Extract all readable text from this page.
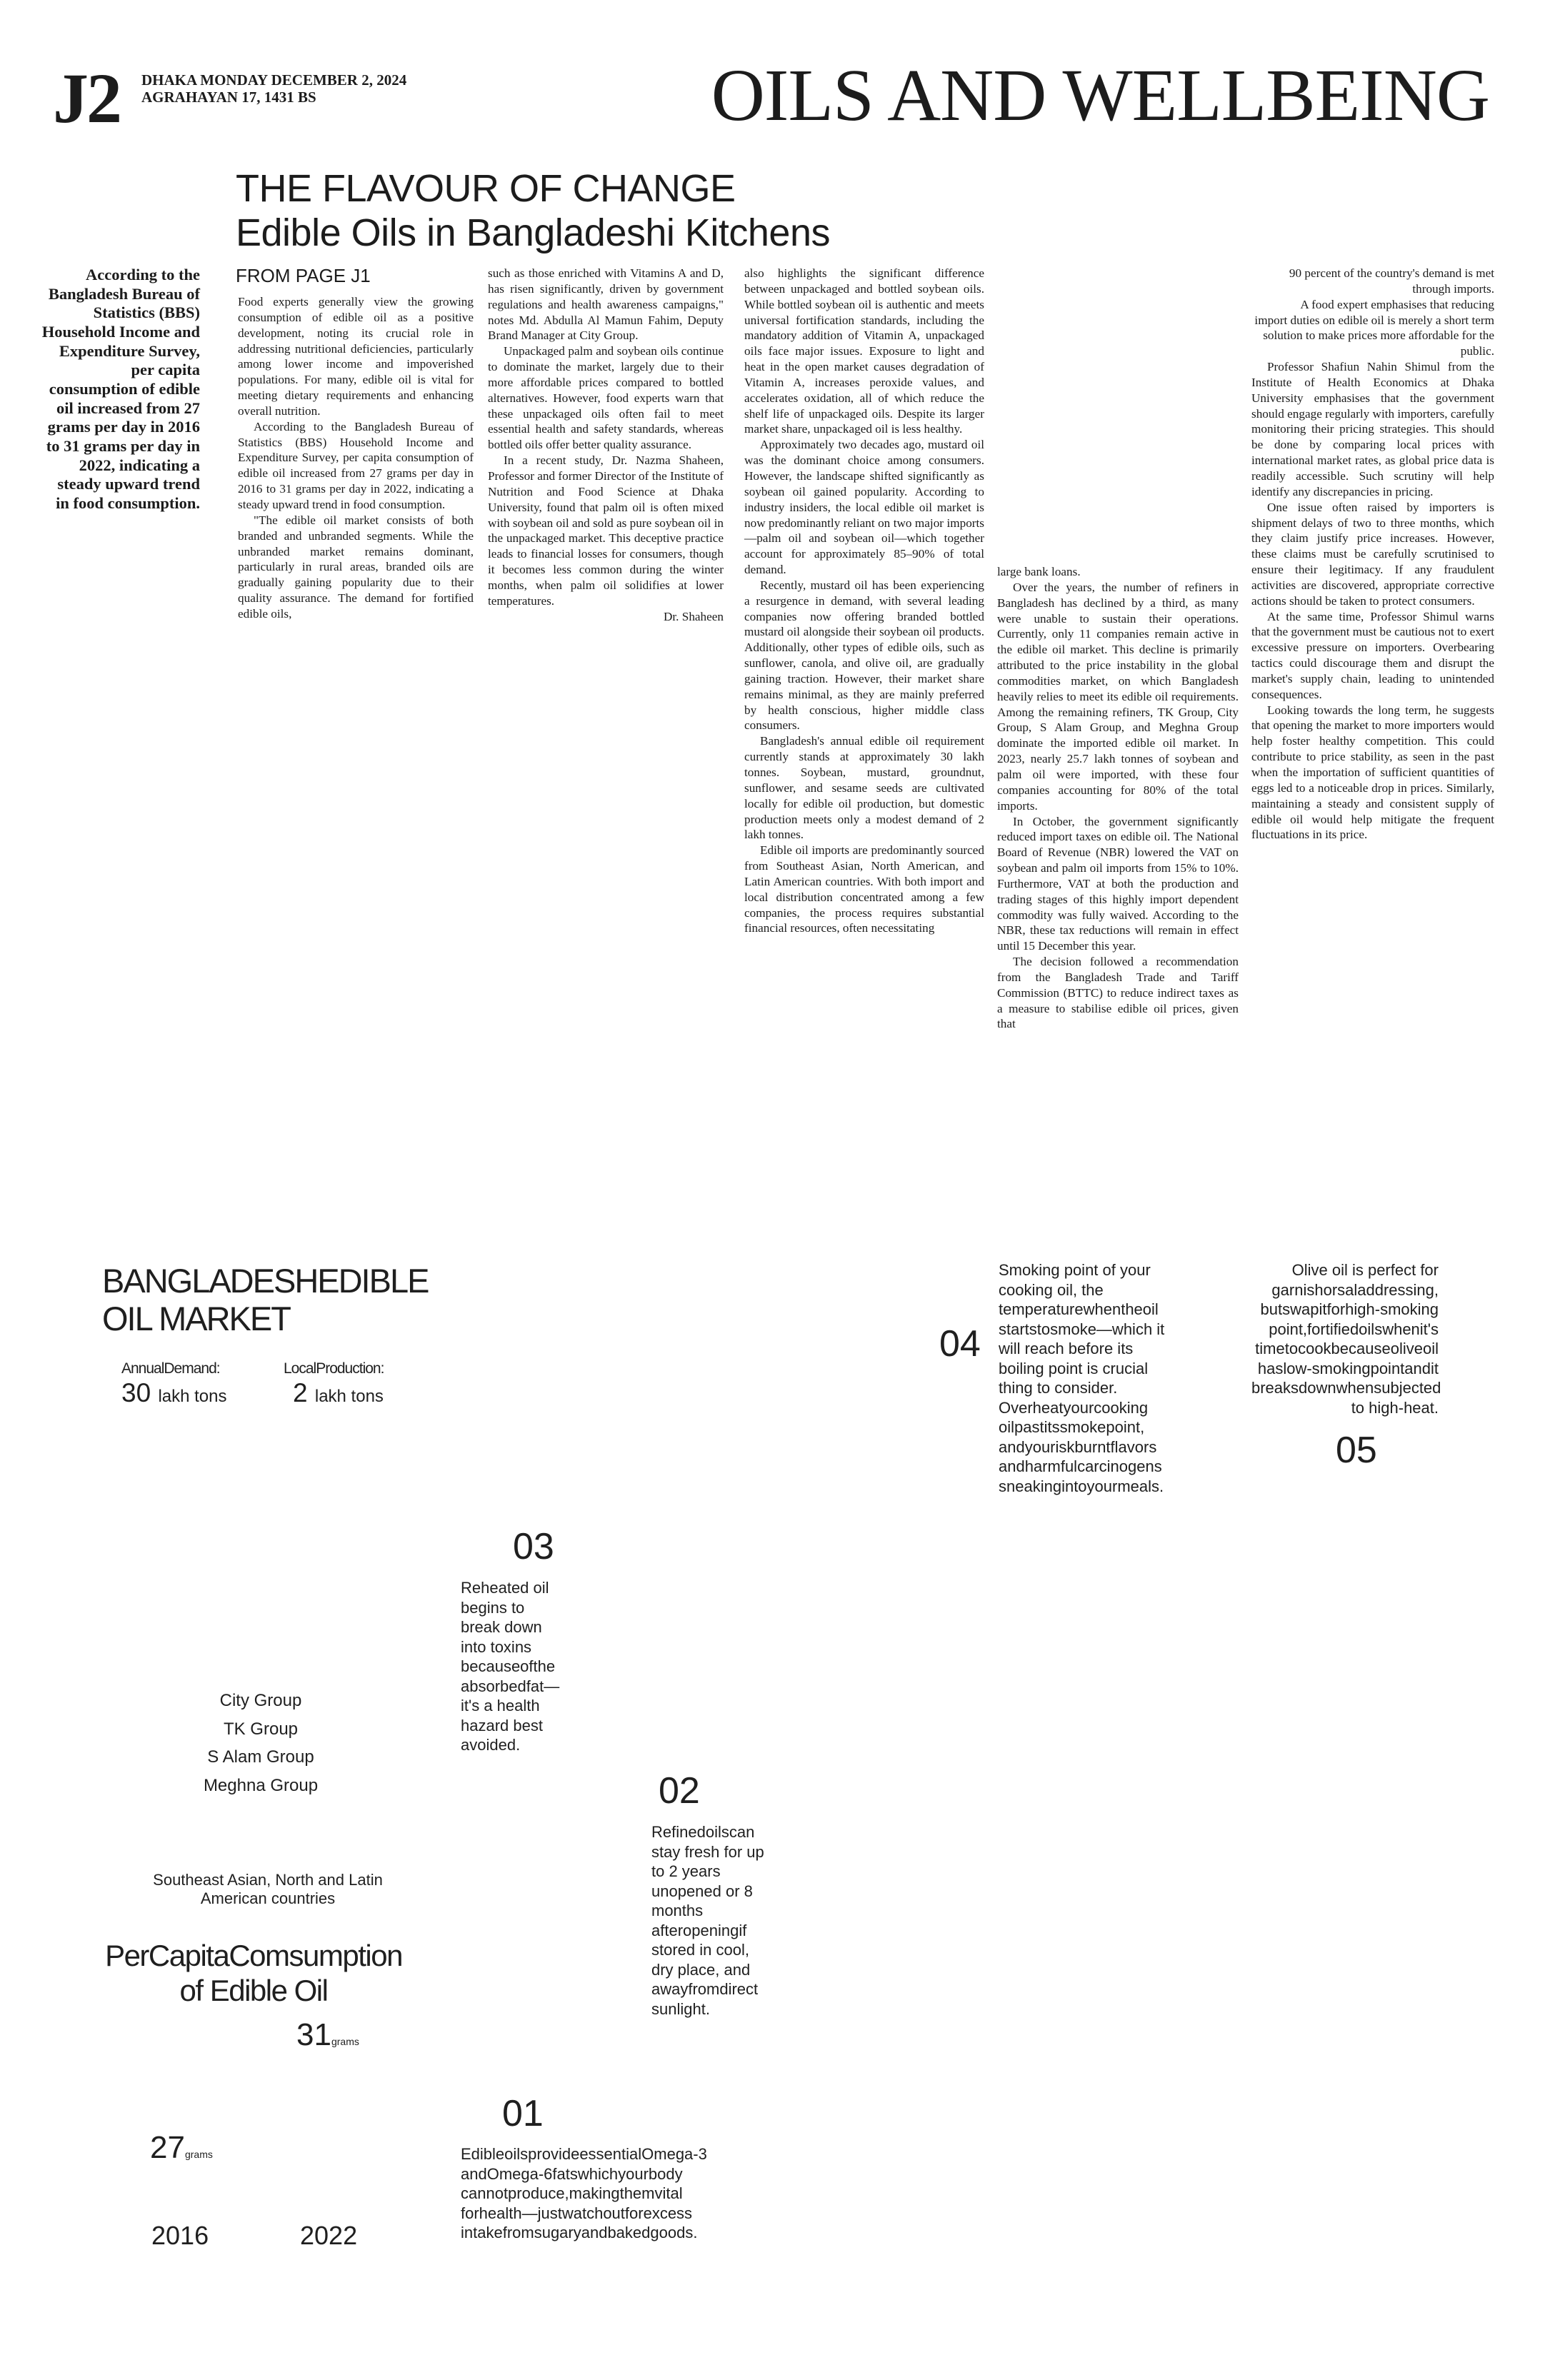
J2 DHAKA MONDAY DECEMBER 2, 2024
AGRAHAYAN 17, 1431 BS	OILS AND WELLBEING
THE FLAVOUR OF CHANGE
Edible Oils in Bangladeshi Kitchens
FROM PAGE J1
According to the Bangladesh Bureau of Statistics (BBS) Household Income and Expenditure Survey, per capita consumption of edible oil increased from 27 grams per day in 2016 to 31 grams per day in 2022, indicating a steady upward trend in food consumption.

Food experts generally view the growing consumption of edible oil as a positive development, noting its crucial role in addressing nutritional deficiencies, particularly among lower income and impoverished populations. For many, edible oil is vital for meeting dietary requirements and enhancing overall nutrition.

According to the Bangladesh Bureau of Statistics (BBS) Household Income and Expenditure Survey, per capita consumption of edible oil increased from 27 grams per day in 2016 to 31 grams per day in 2022, indicating a steady upward trend in food consumption.

"The edible oil market consists of both branded and unbranded segments. While the unbranded market remains dominant, particularly in rural areas, branded oils are gradually gaining popularity due to their quality assurance. The demand for fortified edible oils,

such as those enriched with Vitamins A and D, has risen significantly, driven by government regulations and health awareness campaigns," notes Md. Abdulla Al Mamun Fahim, Deputy Brand Manager at City Group.

Unpackaged palm and soybean oils continue to dominate the market, largely due to their more affordable prices compared to bottled alternatives. However, food experts warn that these unpackaged oils often fail to meet essential health and safety standards, whereas bottled oils offer better quality assurance.

In a recent study, Dr. Nazma Shaheen, Professor and former Director of the Institute of Nutrition and Food Science at Dhaka University, found that palm oil is often mixed with soybean oil and sold as pure soybean oil in the unpackaged market. This deceptive practice leads to financial losses for consumers, though it becomes less common during the winter months, when palm oil solidifies at lower temperatures.

Dr. Shaheen

also highlights the significant difference between unpackaged and bottled soybean oils. While bottled soybean oil is authentic and meets universal fortification standards, including the mandatory addition of Vitamin A, unpackaged oils face major issues. Exposure to light and heat in the open market causes degradation of Vitamin A, increases peroxide values, and accelerates oxidation, all of which reduce the shelf life of unpackaged oils. Despite its larger market share, unpackaged oil is less healthy.

Approximately two decades ago, mustard oil was the dominant choice among consumers. However, the landscape shifted significantly as soybean oil gained popularity. According to industry insiders, the local edible oil market is now predominantly reliant on two major imports—palm oil and soybean oil—which together account for approximately 85–90% of total demand.

Recently, mustard oil has been experiencing a resurgence in demand, with several leading companies now offering branded bottled mustard oil alongside their soybean oil products. Additionally, other types of edible oils, such as sunflower, canola, and olive oil, are gradually gaining traction. However, their market share remains minimal, as they are mainly preferred by health conscious, higher middle class consumers.

Bangladesh's annual edible oil requirement currently stands at approximately 30 lakh tonnes. Soybean, mustard, groundnut, sunflower, and sesame seeds are cultivated locally for edible oil production, but domestic production meets only a modest demand of 2 lakh tonnes.

Edible oil imports are predominantly sourced from Southeast Asian, North American, and Latin American countries. With both import and local distribution concentrated among a few companies, the process requires substantial financial resources, often necessitating

large bank loans.

Over the years, the number of refiners in Bangladesh has declined by a third, as many were unable to sustain their operations. Currently, only 11 companies remain active in the edible oil market. This decline is primarily attributed to the price instability in the global commodities market, on which Bangladesh heavily relies to meet its edible oil requirements. Among the remaining refiners, TK Group, City Group, S Alam Group, and Meghna Group dominate the imported edible oil market. In 2023, nearly 25.7 lakh tonnes of soybean and palm oil were imported, with these four companies accounting for 80% of the total imports.

In October, the government significantly reduced import taxes on edible oil. The National Board of Revenue (NBR) lowered the VAT on soybean and palm oil imports from 15% to 10%. Furthermore, VAT at both the production and trading stages of this highly import dependent commodity was fully waived. According to the NBR, these tax reductions will remain in effect until 15 December this year.

The decision followed a recommendation from the Bangladesh Trade and Tariff Commission (BTTC) to reduce indirect taxes as a measure to stabilise edible oil prices, given that

90 percent of the country's demand is met through imports.

A food expert emphasises that reducing import duties on edible oil is merely a short term solution to make prices more affordable for the public.

Professor Shafiun Nahin Shimul from the Institute of Health Economics at Dhaka University emphasises that the government should engage regularly with importers, carefully monitoring their pricing strategies. This should be done by comparing local prices with international market rates, as global price data is readily accessible. Such scrutiny will help identify any discrepancies in pricing.

One issue often raised by importers is shipment delays of two to three months, which they claim justify price increases. However, these claims must be carefully scrutinised to ensure their legitimacy. If any fraudulent activities are discovered, appropriate corrective actions should be taken to protect consumers.

At the same time, Professor Shimul warns that the government must be cautious not to exert excessive pressure on importers. Overbearing tactics could discourage them and disrupt the market's supply chain, leading to unintended consequences.

Looking towards the long term, he suggests that opening the market to more importers would help foster healthy competition. This could contribute to price stability, as seen in the past when the importation of sufficient quantities of eggs led to a noticeable drop in prices. Similarly, maintaining a steady and consistent supply of edible oil would help mitigate the frequent fluctuations in its price.

BANGLADESHEDIBLE
OIL MARKET
AnnualDemand:
30 lakh tons
LocalProduction:
2 lakh tons
City Group
TK Group
S Alam Group
Meghna Group
Southeast Asian, North and Latin
American countries
PerCapitaComsumption
of Edible Oil
31grams
27grams
2016	2022
03
Reheated oil begins to break down into toxins becauseofthe absorbedfat— it's a health hazard best avoided.
02
Refinedoilscan stay fresh for up to 2 years unopened or 8 months afteropeningif stored in cool, dry place, and awayfromdirect sunlight.
01
EdibleoilsprovideessentialOmega-3 andOmega-6fatswhichyourbody cannotproduce,makingthemvital forhealth—justwatchoutforexcess intakefromsugaryandbakedgoods.
04
Smoking point of your cooking oil, the temperaturewhentheoil startstosmoke—which it will reach before its boiling point is crucial thing to consider. Overheatyourcooking oilpastitssmokepoint, andyouriskburntflavors andharmfulcarcinogens sneakingintoyourmeals.
05
Olive oil is perfect for garnishorsaladdressing, butswapitforhigh-smoking point,fortifiedoilswhenit's timetocookbecauseoliveoil haslow-smokingpointandit breaksdownwhensubjected to high-heat.
